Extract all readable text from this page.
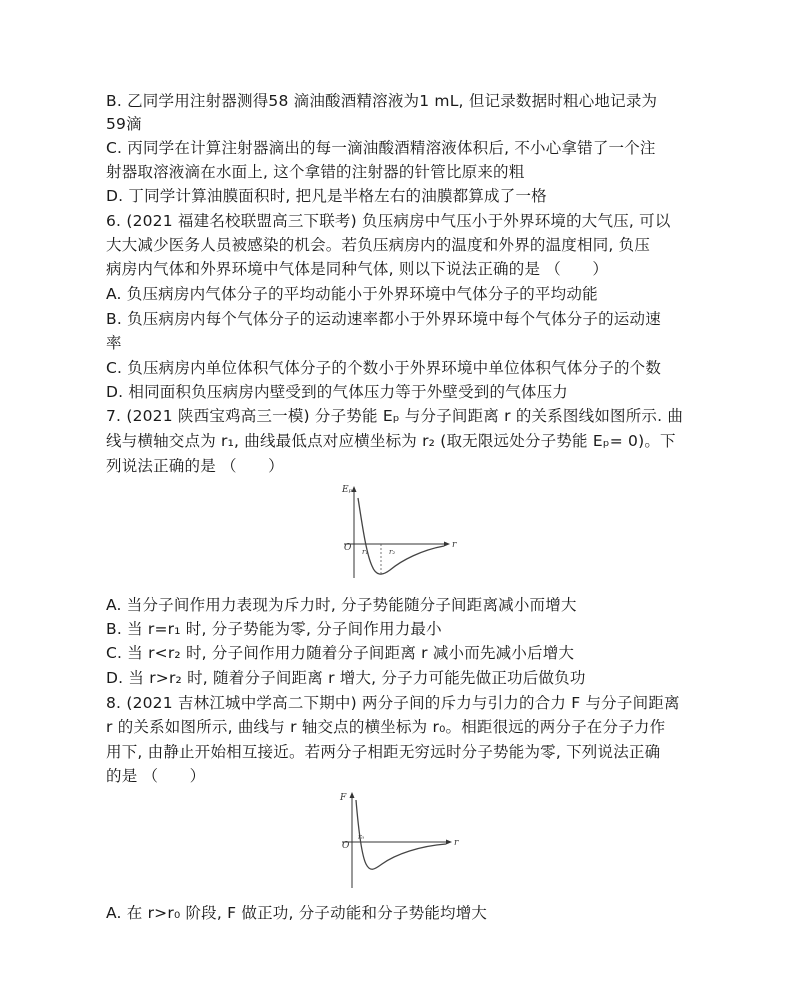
B. 乙同学用注射器测得58 滴油酸酒精溶液为1 mL, 但记录数据时粗心地记录为
59滴
C. 丙同学在计算注射器滴出的每一滴油酸酒精溶液体积后, 不小心拿错了一个注
射器取溶液滴在水面上, 这个拿错的注射器的针管比原来的粗
D. 丁同学计算油膜面积时, 把凡是半格左右的油膜都算成了一格
6. (2021 福建名校联盟高三下联考) 负压病房中气压小于外界环境的大气压, 可以
大大减少医务人员被感染的机会。若负压病房内的温度和外界的温度相同, 负压
病房内气体和外界环境中气体是同种气体, 则以下说法正确的是 （　　）
A. 负压病房内气体分子的平均动能小于外界环境中气体分子的平均动能
B. 负压病房内每个气体分子的运动速率都小于外界环境中每个气体分子的运动速
率
C. 负压病房内单位体积气体分子的个数小于外界环境中单位体积气体分子的个数
D. 相同面积负压病房内壁受到的气体压力等于外壁受到的气体压力
7. (2021 陕西宝鸡高三一模) 分子势能 Eₚ 与分子间距离 r 的关系图线如图所示. 曲
线与横轴交点为 r₁, 曲线最低点对应横坐标为 r₂ (取无限远处分子势能 Eₚ= 0)。下
列说法正确的是 （　　）
Eₚ
O	r
r₁	r₂
A. 当分子间作用力表现为斥力时, 分子势能随分子间距离减小而增大
B. 当 r=r₁ 时, 分子势能为零, 分子间作用力最小
C. 当 r<r₂ 时, 分子间作用力随着分子间距离 r 减小而先减小后增大
D. 当 r>r₂ 时, 随着分子间距离 r 增大, 分子力可能先做正功后做负功
8. (2021 吉林江城中学高二下期中) 两分子间的斥力与引力的合力 F 与分子间距离
r 的关系如图所示, 曲线与 r 轴交点的横坐标为 r₀。相距很远的两分子在分子力作
用下, 由静止开始相互接近。若两分子相距无穷远时分子势能为零, 下列说法正确
的是 （　　）
F
O	r
r₀
A. 在 r>r₀ 阶段, F 做正功, 分子动能和分子势能均增大
